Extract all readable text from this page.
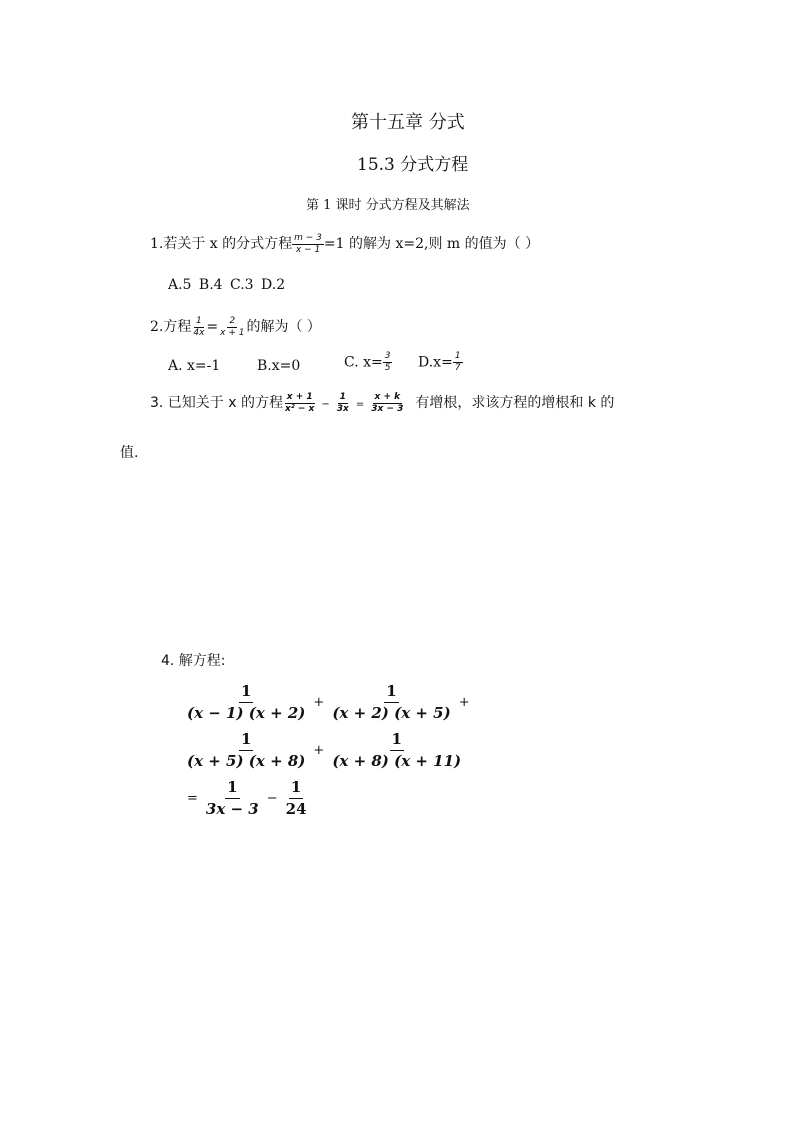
第十五章 分式
15.3 分式方程
第 1 课时 分式方程及其解法
1.若关于 x 的分式方程 $\frac{m - 3}{x - 1} =1$ 的解为 x=2,则 m 的值为（ ）
A.5 B.4 C.3 D.2
2.方程 $\frac{1}{4x} = \frac{2}{x + 1}$ 的解为（ ）
A. x=-1	B.x=0	C. $x= \frac{3}{5} D.x= \frac{1}{7}$
3. 已知关于 x 的方程 $\frac{x + 1}{\text{x² − x}} - \frac{1}{3x} = \frac{x + k}{3x - 3}$ 有增根，求该方程的增根和 k 的
值.
4. 解方程:
$\frac{1}{(x - 1) (x + 2)} + \frac{1}{(x + 2) (x + 5)}$ +
$\frac{1}{(x + 5) (x + 8)} + \frac{1}{(x + 8) (x + 11)}$
= $\frac{1}{3x - 3} - \frac{1}{24}$
